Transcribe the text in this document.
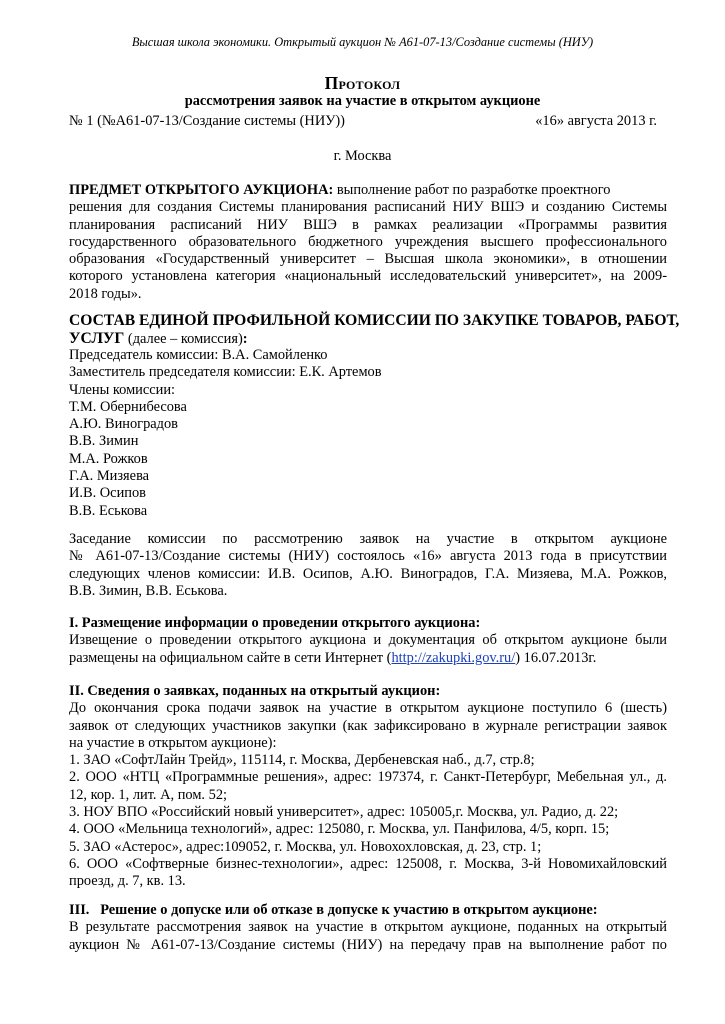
Высшая школа экономики. Открытый аукцион № А61-07-13/Создание системы (НИУ)
Протокол
рассмотрения заявок на участие в открытом аукционе
№ 1 (№А61-07-13/Создание системы (НИУ))	«16» августа 2013 г.
г. Москва
ПРЕДМЕТ ОТКРЫТОГО АУКЦИОНА: выполнение работ по разработке проектного
решения для создания Системы планирования расписаний НИУ ВШЭ и созданию Системы
планирования расписаний НИУ ВШЭ в рамках реализации «Программы развития
государственного образовательного бюджетного учреждения высшего профессионального
образования «Государственный университет – Высшая школа экономики», в отношении
которого установлена категория «национальный исследовательский университет», на 2009-
2018 годы».
СОСТАВ ЕДИНОЙ ПРОФИЛЬНОЙ КОМИССИИ ПО ЗАКУПКЕ ТОВАРОВ, РАБОТ,
УСЛУГ (далее – комиссия):
Председатель комиссии: В.А. Самойленко
Заместитель председателя комиссии: Е.К. Артемов
Члены комиссии:
Т.М. Обернибесова
А.Ю. Виноградов
В.В. Зимин
М.А. Рожков
Г.А. Мизяева
И.В. Осипов
В.В. Еськова
Заседание комиссии по рассмотрению заявок на участие в открытом аукционе
№ А61-07-13/Создание системы (НИУ) состоялось «16» августа 2013 года в присутствии
следующих членов комиссии: И.В. Осипов, А.Ю. Виноградов, Г.А. Мизяева, М.А. Рожков,
В.В. Зимин, В.В. Еськова.
I. Размещение информации о проведении открытого аукциона:
Извещение о проведении открытого аукциона и документация об открытом аукционе были
размещены на официальном сайте в сети Интернет (http://zakupki.gov.ru/) 16.07.2013г.
II. Сведения о заявках, поданных на открытый аукцион:
До окончания срока подачи заявок на участие в открытом аукционе поступило 6 (шесть)
заявок от следующих участников закупки (как зафиксировано в журнале регистрации заявок
на участие в открытом аукционе):
1. ЗАО «СофтЛайн Трейд», 115114, г. Москва, Дербеневская наб., д.7, стр.8;
2. ООО «НТЦ «Программные решения», адрес: 197374, г. Санкт-Петербург, Мебельная ул., д.
12, кор. 1, лит. А, пом. 52;
3. НОУ ВПО «Российский новый университет», адрес: 105005,г. Москва, ул. Радио, д. 22;
4. ООО «Мельница технологий», адрес: 125080, г. Москва, ул. Панфилова, 4/5, корп. 15;
5. ЗАО «Астерос», адрес:109052, г. Москва, ул. Новохохловская, д. 23, стр. 1;
6. ООО «Софтверные бизнес-технологии», адрес: 125008, г. Москва, 3-й Новомихайловский
проезд, д. 7, кв. 13.
III.   Решение о допуске или об отказе в допуске к участию в открытом аукционе:
В результате рассмотрения заявок на участие в открытом аукционе, поданных на открытый
аукцион № А61-07-13/Создание системы (НИУ) на передачу прав на выполнение работ по
